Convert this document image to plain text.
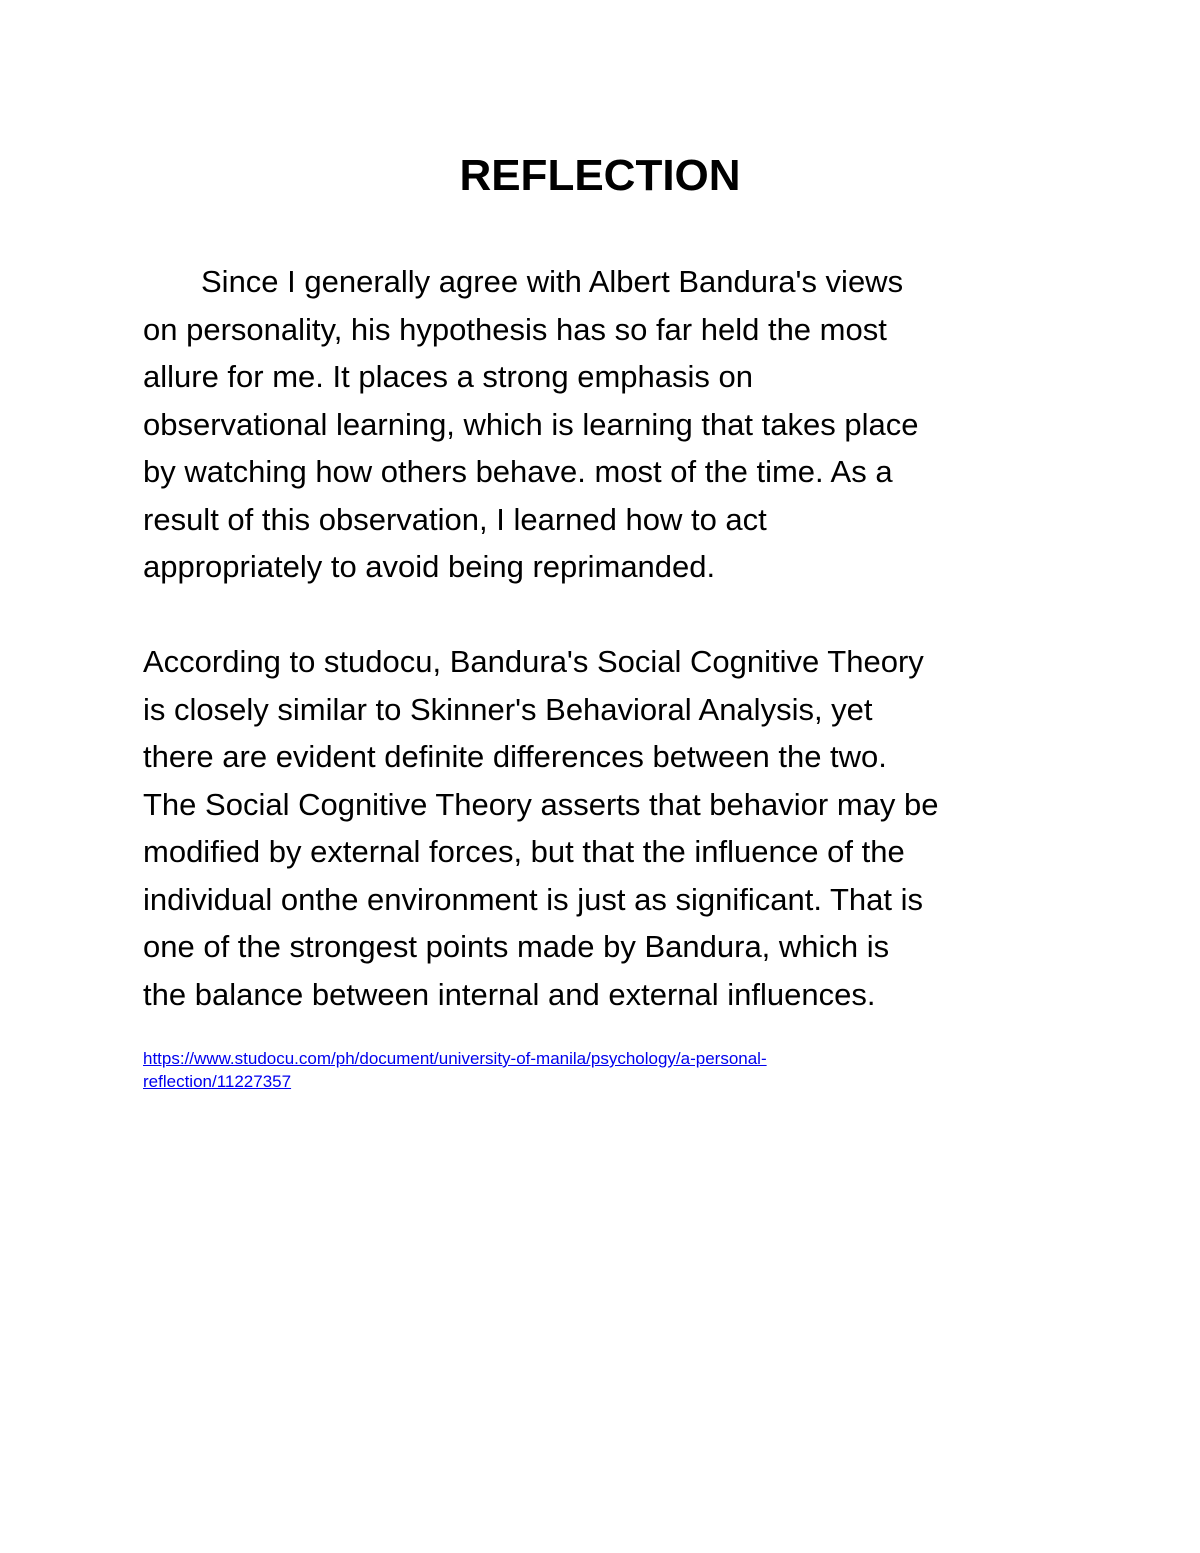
REFLECTION
Since I generally agree with Albert Bandura's views
on personality, his hypothesis has so far held the most
allure for me. It places a strong emphasis on
observational learning, which is learning that takes place
by watching how others behave. most of the time. As a
result of this observation, I learned how to act
appropriately to avoid being reprimanded.
According to studocu, Bandura's Social Cognitive Theory
is closely similar to Skinner's Behavioral Analysis, yet
there are evident definite differences between the two.
The Social Cognitive Theory asserts that behavior may be
modified by external forces, but that the influence of the
individual onthe environment is just as significant. That is
one of the strongest points made by Bandura, which is
the balance between internal and external influences.
https://www.studocu.com/ph/document/university-of-manila/psychology/a-personal-
reflection/11227357
